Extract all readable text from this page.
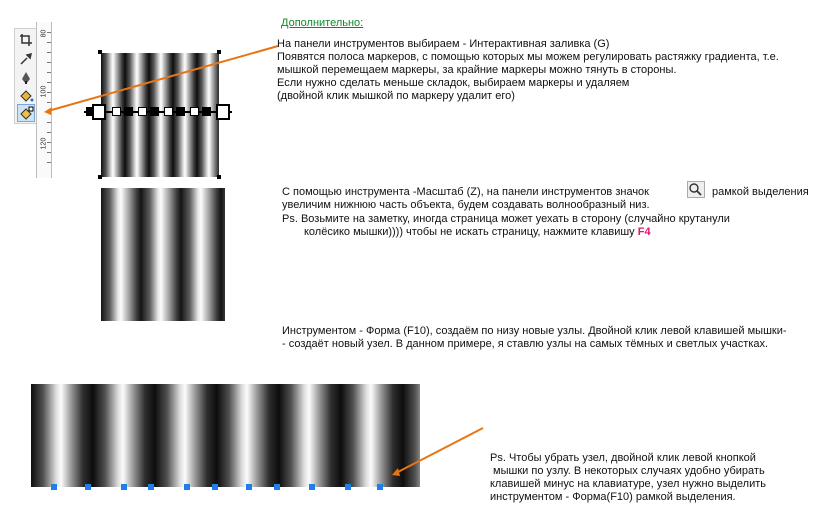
80
100
120
Дополнительно:
На панели инструментов выбираем - Интерактивная заливка (G)
Появятся полоса маркеров, с помощью которых мы можем регулировать растяжку градиента, т.е.
мышкой перемещаем маркеры, за крайние маркеры можно тянуть в стороны.
Если нужно сделать меньше складок, выбираем маркеры и удаляем
(двойной клик мышкой по маркеру удалит его)
С помощью инструмента -Масштаб (Z), на панели инструментов значок	рамкой выделения
увеличим нижнюю часть объекта, будем создавать волнообразный низ.
Ps. Возьмите на заметку, иногда страница может уехать в сторону (случайно крутанули
колёсико мышки)))) чтобы не искать страницу, нажмите клавишу F4
Инструментом - Форма (F10), создаём по низу новые узлы. Двойной клик левой клавишей мышки-
- создаёт новый узел. В данном примере, я ставлю узлы на самых тёмных и светлых участках.
Ps. Чтобы убрать узел, двойной клик левой кнопкой
мышки по узлу. В некоторых случаях удобно убирать
клавишей минус на клавиатуре, узел нужно выделить
инструментом - Форма(F10) рамкой выделения.
